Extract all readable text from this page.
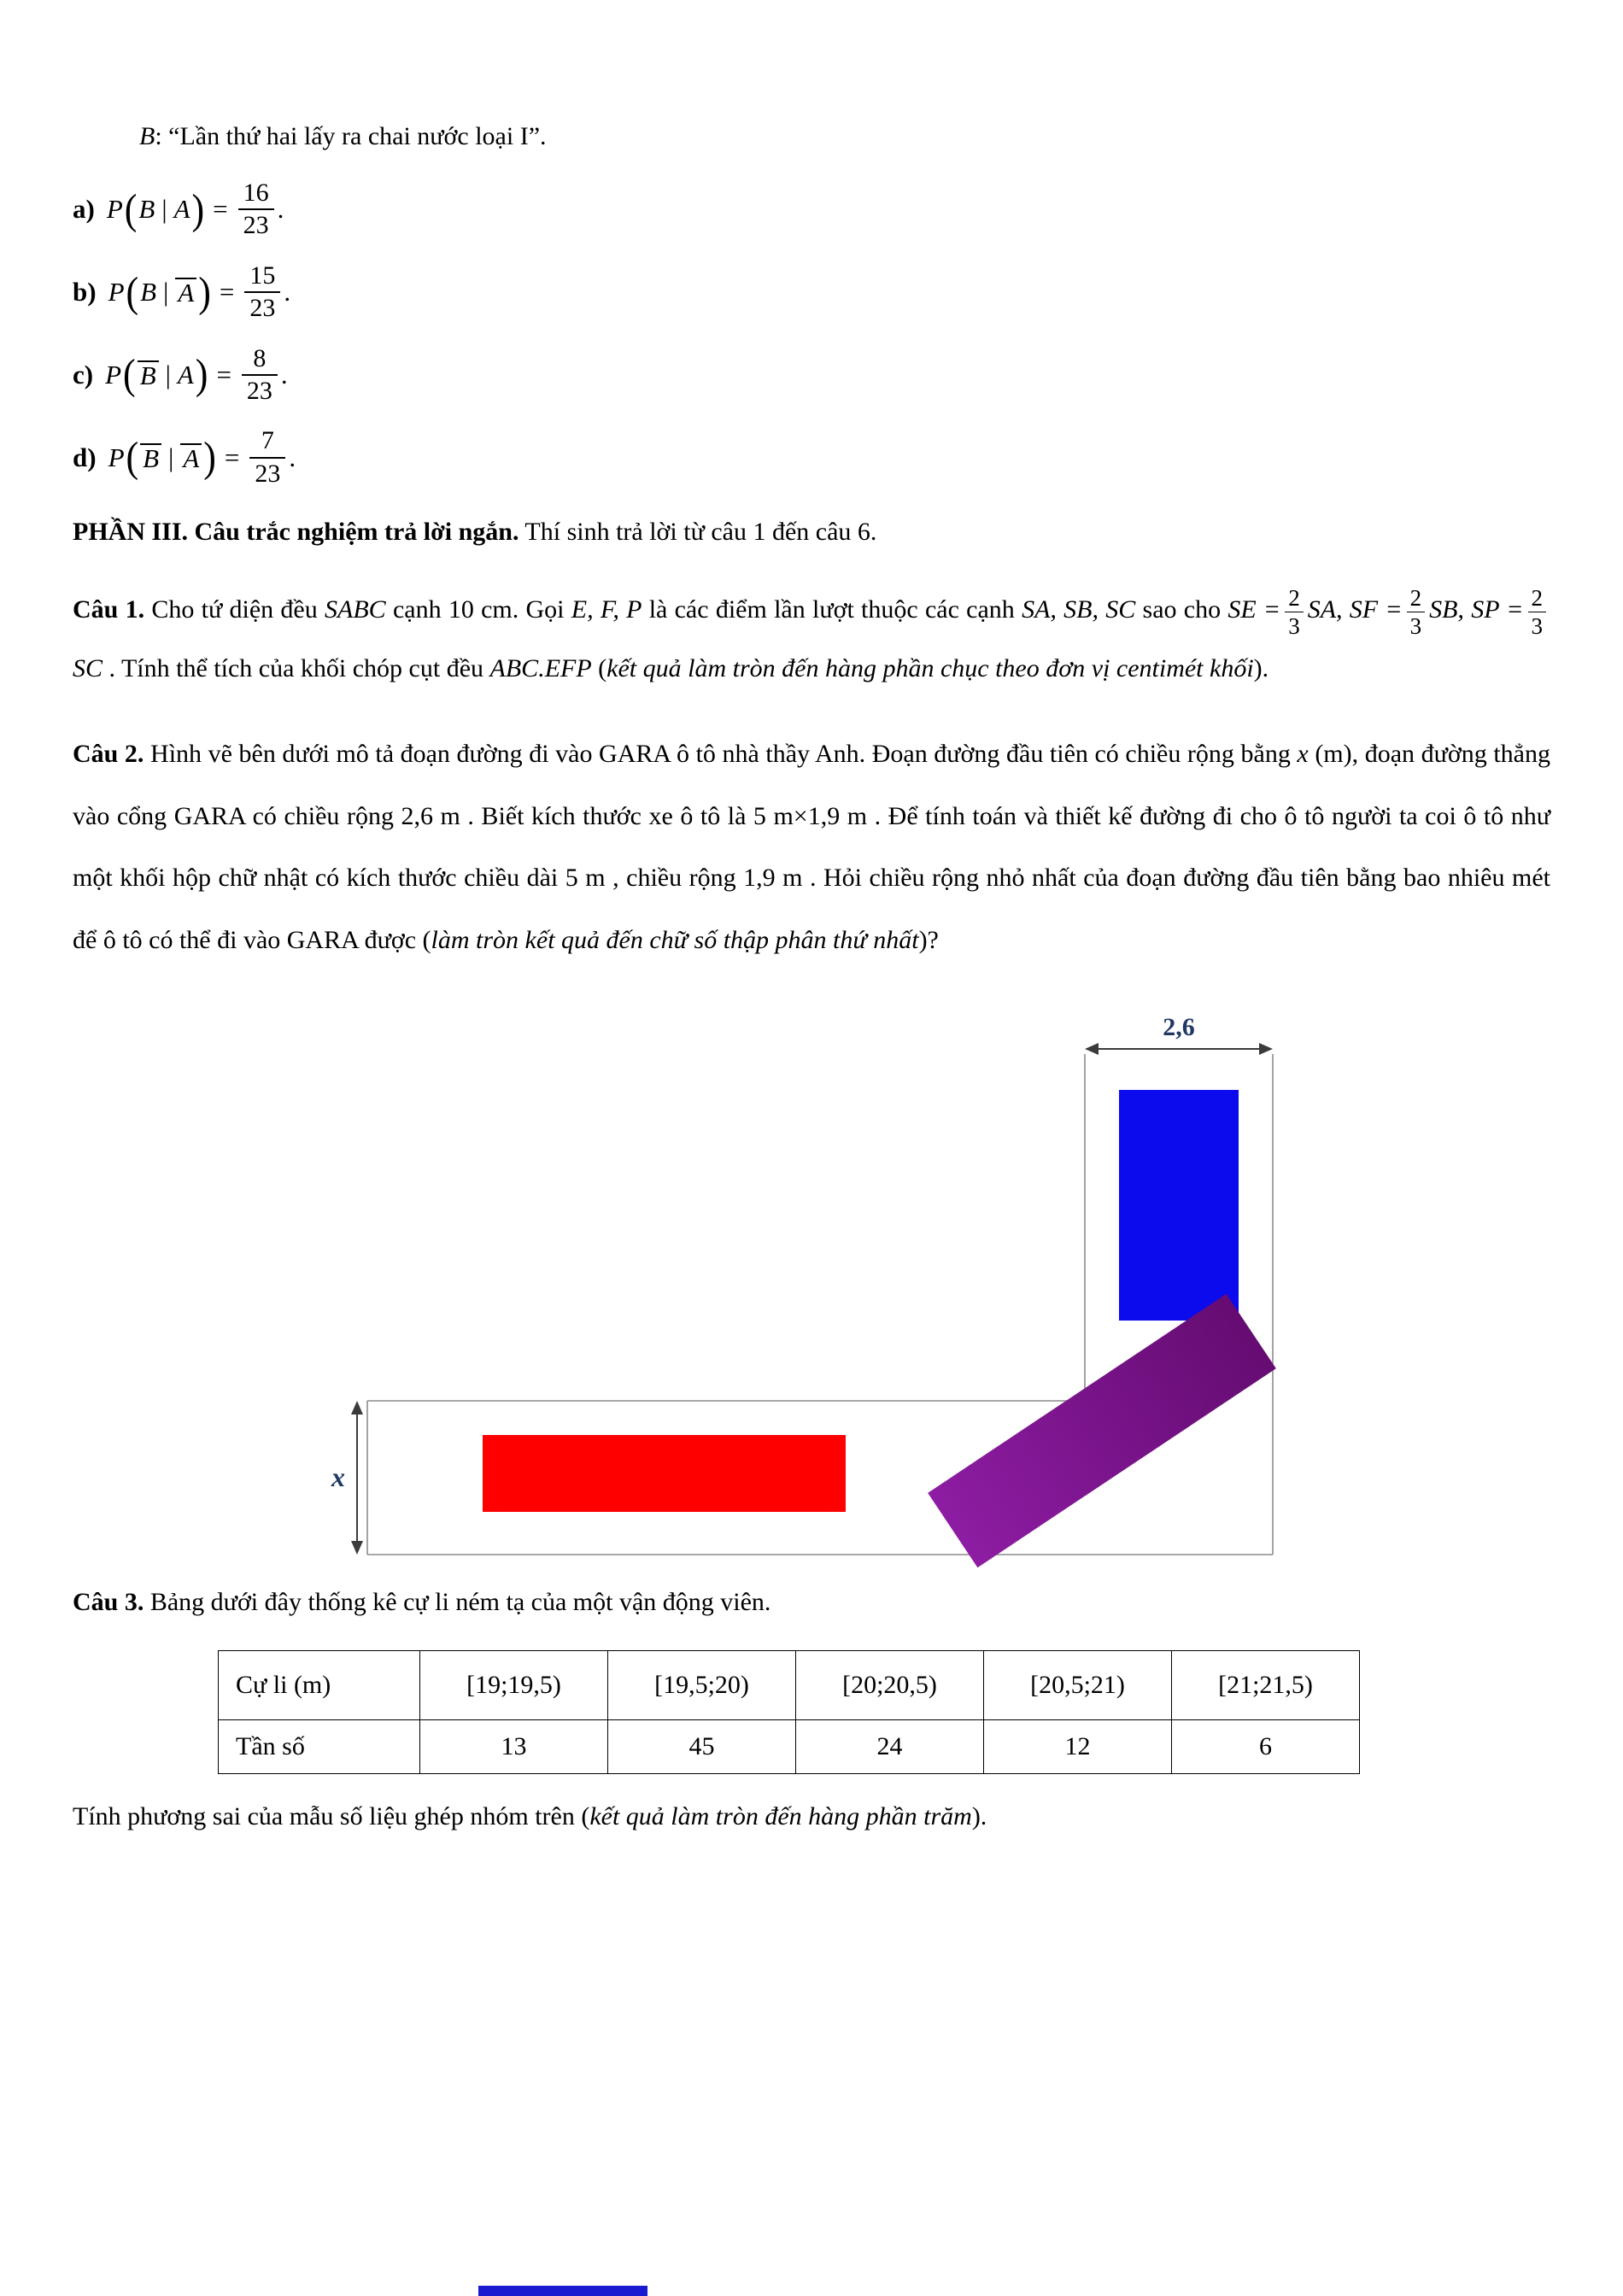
B: “Lần thứ hai lấy ra chai nước loại I”.
a) P ( B | A ) = $\frac{16}{23}$ .
b) P ( B | A ) = $\frac{15}{23}$ .
c) P ( B | A ) = $\frac{8}{23}$ .
d) P ( B | A ) = $\frac{7}{23}$ .

PHẦN III. Câu trắc nghiệm trả lời ngắn. Thí sinh trả lời từ câu 1 đến câu 6.

Câu 1. Cho tứ diện đều SABC cạnh 10 cm. Gọi E, F, P là các điểm lần lượt thuộc các cạnh SA, SB, SC sao cho SE = $\frac{2}{3}$ SA, SF = $\frac{2}{3}$ SB, SP = $\frac{2}{3}$
SC . Tính thể tích của khối chóp cụt đều ABC.EFP (kết quả làm tròn đến hàng phần chục theo đơn vị centimét khối).

Câu 2. Hình vẽ bên dưới mô tả đoạn đường đi vào GARA ô tô nhà thầy Anh. Đoạn đường đầu tiên có chiều rộng bằng x (m), đoạn đường thẳng vào cổng GARA có chiều rộng 2,6 m . Biết kích thước xe ô tô là 5 m×1,9 m . Để tính toán và thiết kế đường đi cho ô tô người ta coi ô tô như một khối hộp chữ nhật có kích thước chiều dài 5 m , chiều rộng 1,9 m . Hỏi chiều rộng nhỏ nhất của đoạn đường đầu tiên bằng bao nhiêu mét để ô tô có thể đi vào GARA được (làm tròn kết quả đến chữ số thập phân thứ nhất)?

2,6
x

Câu 3. Bảng dưới đây thống kê cự li ném tạ của một vận động viên.

Cự li (m)	[19;19,5)	[19,5;20)	[20;20,5)	[20,5;21)	[21;21,5)
Tần số	13	45	24	12	6

Tính phương sai của mẫu số liệu ghép nhóm trên (kết quả làm tròn đến hàng phần trăm).
